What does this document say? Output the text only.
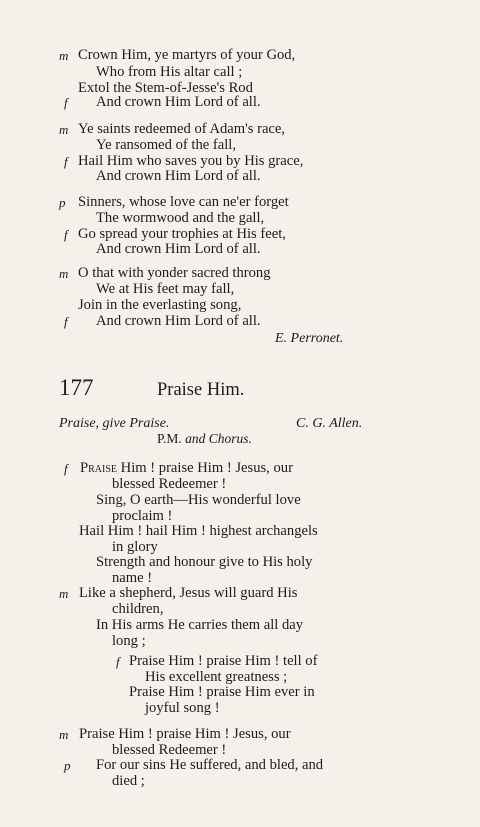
m Crown Him, ye martyrs of your God,
Who from His altar call ;
Extol the Stem-of-Jesse's Rod
f And crown Him Lord of all.
m Ye saints redeemed of Adam's race,
Ye ransomed of the fall,
f Hail Him who saves you by His grace,
And crown Him Lord of all.
p Sinners, whose love can ne'er forget
The wormwood and the gall,
f Go spread your trophies at His feet,
And crown Him Lord of all.
m O that with yonder sacred throng
We at His feet may fall,
Join in the everlasting song,
f And crown Him Lord of all.
E. Perronet.
177	Praise Him.
Praise, give Praise.	C. G. Allen.
P.M. and Chorus.
f Praise Him ! praise Him ! Jesus, our
blessed Redeemer !
Sing, O earth—His wonderful love
proclaim !
Hail Him ! hail Him ! highest archangels
in glory
Strength and honour give to His holy
name !
m Like a shepherd, Jesus will guard His
children,
In His arms He carries them all day
long ;
f Praise Him ! praise Him ! tell of
His excellent greatness ;
Praise Him ! praise Him ever in
joyful song !
m Praise Him ! praise Him ! Jesus, our
blessed Redeemer !
p For our sins He suffered, and bled, and
died ;
